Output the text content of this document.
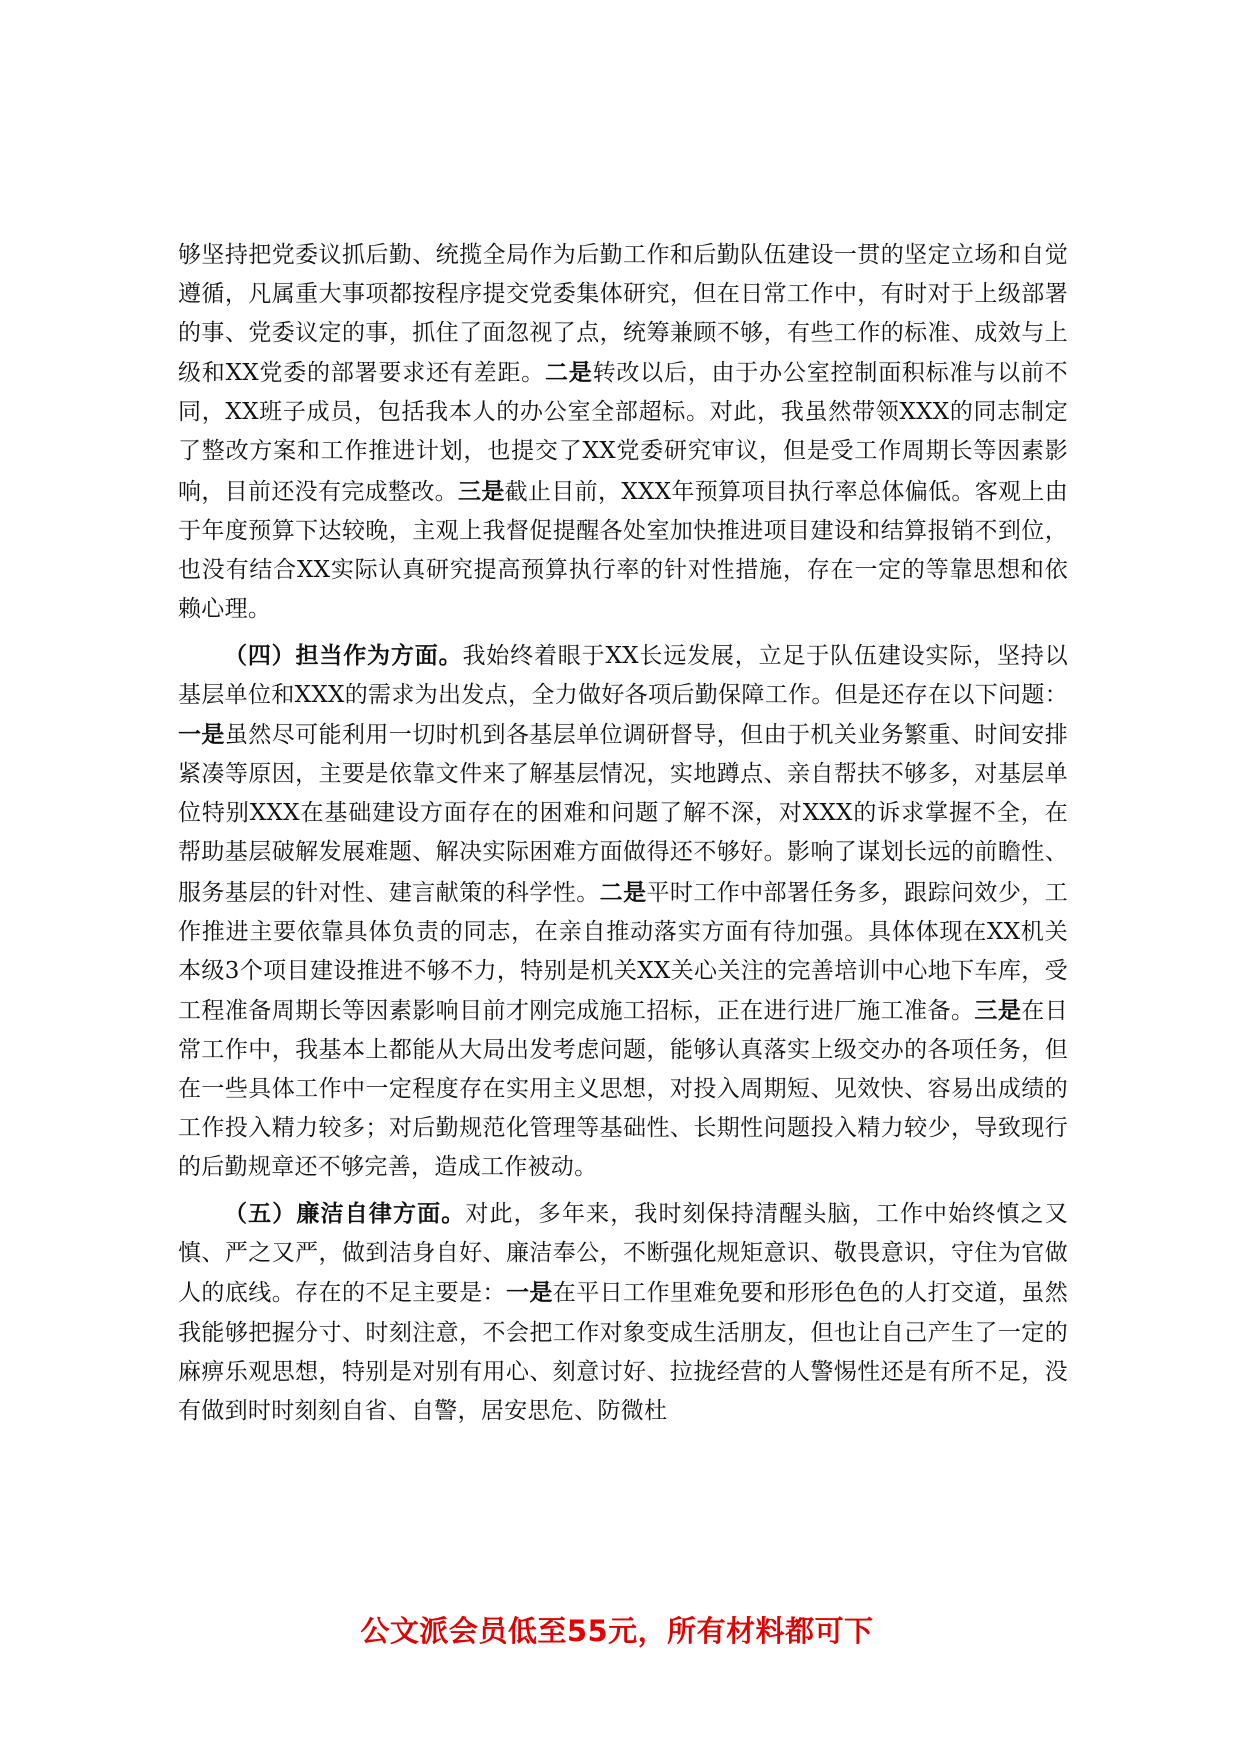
够坚持把党委议抓后勤、统揽全局作为后勤工作和后勤队伍建设一贯的坚定立场和自觉遵循，凡属重大事项都按程序提交党委集体研究，但在日常工作中，有时对于上级部署的事、党委议定的事，抓住了面忽视了点，统筹兼顾不够，有些工作的标准、成效与上级和XX党委的部署要求还有差距。二是转改以后，由于办公室控制面积标准与以前不同，XX班子成员，包括我本人的办公室全部超标。对此，我虽然带领XXX的同志制定了整改方案和工作推进计划，也提交了XX党委研究审议，但是受工作周期长等因素影响，目前还没有完成整改。三是截止目前，XXX年预算项目执行率总体偏低。客观上由于年度预算下达较晚，主观上我督促提醒各处室加快推进项目建设和结算报销不到位，也没有结合XX实际认真研究提高预算执行率的针对性措施，存在一定的等靠思想和依赖心理。

（四）担当作为方面。我始终着眼于XX长远发展，立足于队伍建设实际，坚持以基层单位和XXX的需求为出发点，全力做好各项后勤保障工作。但是还存在以下问题：一是虽然尽可能利用一切时机到各基层单位调研督导，但由于机关业务繁重、时间安排紧凑等原因，主要是依靠文件来了解基层情况，实地蹲点、亲自帮扶不够多，对基层单位特别XXX在基础建设方面存在的困难和问题了解不深，对XXX的诉求掌握不全，在帮助基层破解发展难题、解决实际困难方面做得还不够好。影响了谋划长远的前瞻性、服务基层的针对性、建言献策的科学性。二是平时工作中部署任务多，跟踪问效少，工作推进主要依靠具体负责的同志，在亲自推动落实方面有待加强。具体体现在XX机关本级3个项目建设推进不够不力，特别是机关XX关心关注的完善培训中心地下车库，受工程准备周期长等因素影响目前才刚完成施工招标，正在进行进厂施工准备。三是在日常工作中，我基本上都能从大局出发考虑问题，能够认真落实上级交办的各项任务，但在一些具体工作中一定程度存在实用主义思想，对投入周期短、见效快、容易出成绩的工作投入精力较多；对后勤规范化管理等基础性、长期性问题投入精力较少，导致现行的后勤规章还不够完善，造成工作被动。

（五）廉洁自律方面。对此，多年来，我时刻保持清醒头脑，工作中始终慎之又慎、严之又严，做到洁身自好、廉洁奉公，不断强化规矩意识、敬畏意识，守住为官做人的底线。存在的不足主要是：一是在平日工作里难免要和形形色色的人打交道，虽然我能够把握分寸、时刻注意，不会把工作对象变成生活朋友，但也让自己产生了一定的麻痹乐观思想，特别是对别有用心、刻意讨好、拉拢经营的人警惕性还是有所不足，没有做到时时刻刻自省、自警，居安思危、防微杜

公文派会员低至55元，所有材料都可下
